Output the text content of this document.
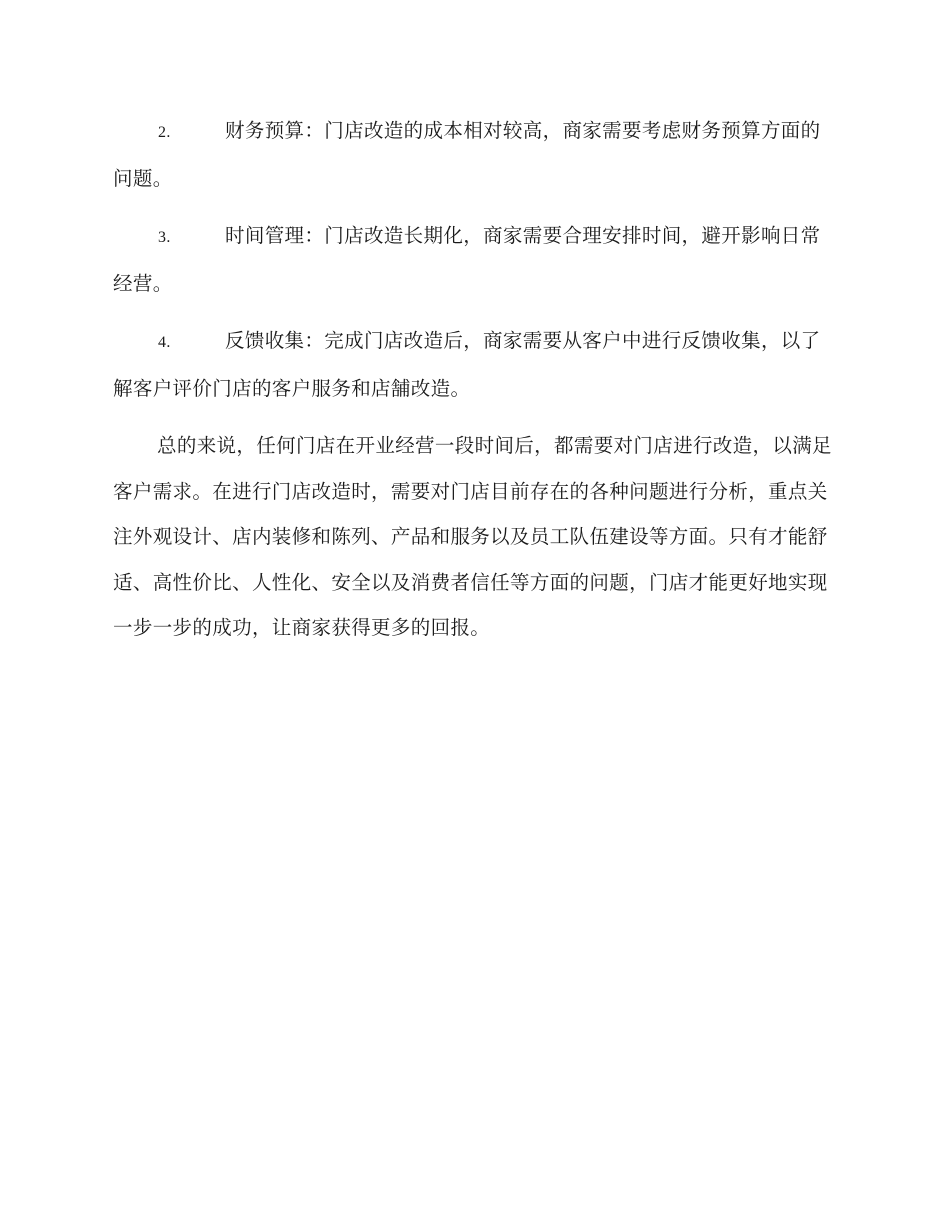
2.	财务预算：门店改造的成本相对较高，商家需要考虑财务预算方面的问题。
3.	时间管理：门店改造长期化，商家需要合理安排时间，避开影响日常经营。
4.	反馈收集：完成门店改造后，商家需要从客户中进行反馈收集，以了解客户评价门店的客户服务和店舗改造。

总的来说，任何门店在开业经营一段时间后，都需要对门店进行改造，以满足客户需求。在进行门店改造时，需要对门店目前存在的各种问题进行分析，重点关注外观设计、店内装修和陈列、产品和服务以及员工队伍建设等方面。只有才能舒适、高性价比、人性化、安全以及消费者信任等方面的问题，门店才能更好地实现一步一步的成功，让商家获得更多的回报。
